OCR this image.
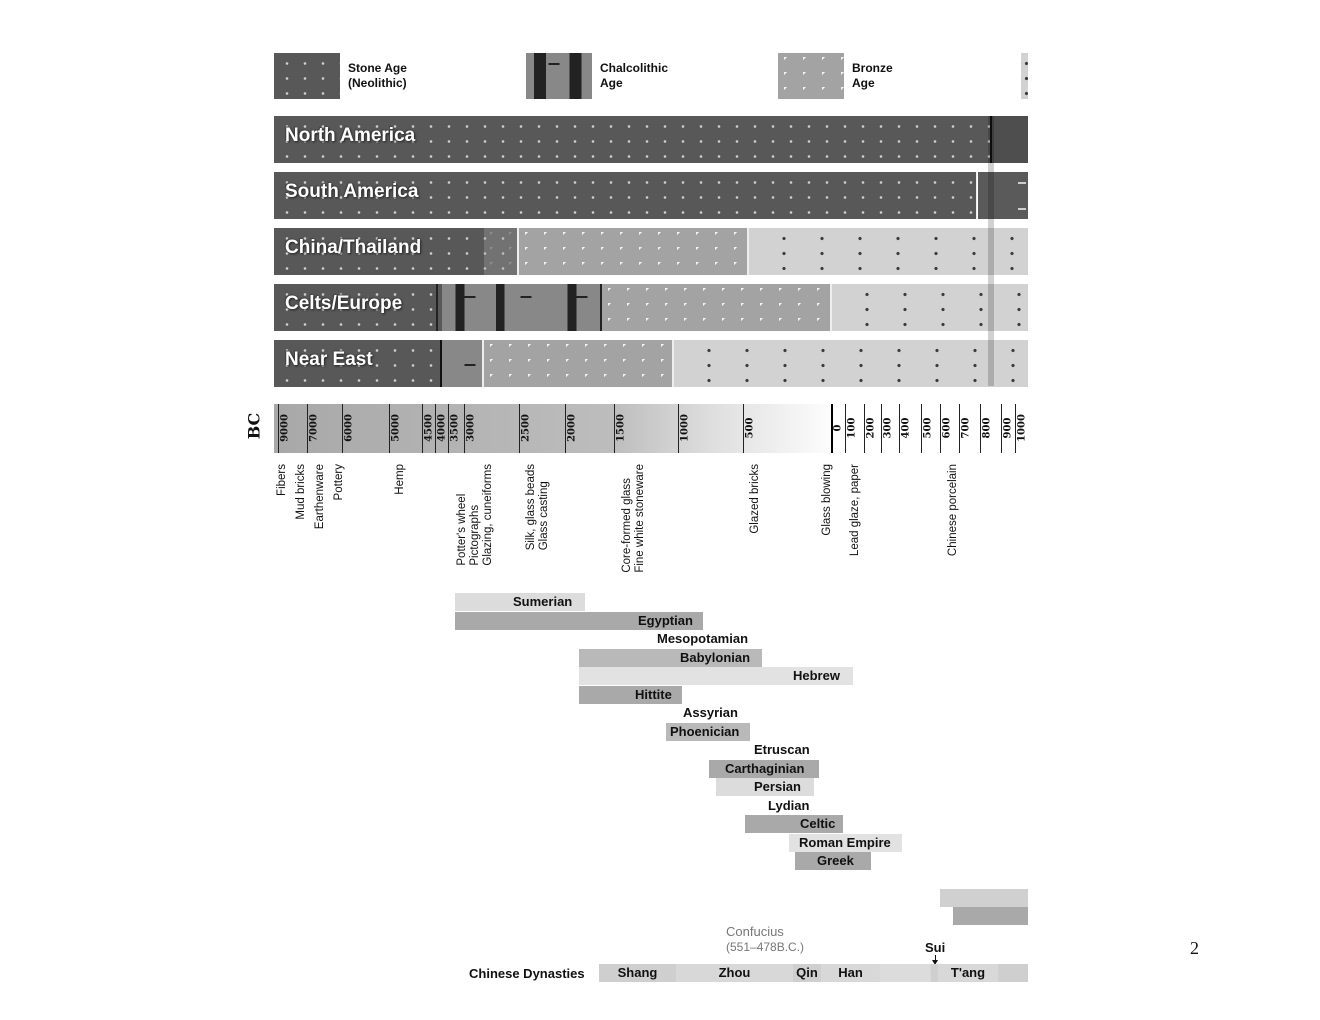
Stone Age
(Neolithic)
Chalcolithic
Age
Bronze
Age
North America
South America
China/Thailand
Celts/Europe
Near East
BC 9000 7000 6000	5000 4500 4000 3500 3000	2500	2000	1500	1000	500	0 100 200 300 400 500 600 700 800 900 1000
Fibers Mud bricks Earthenware Pottery	Hemp
Potter's wheel
Pictographs
Glazing, cuneiforms
Silk, glass beads
Glass casting
Core-formed glass
Fine white stoneware	Glazed bricks	Glass blowing Lead glaze, paper	Chinese porcelain
Sumerian
Egyptian
Mesopotamian
Babylonian
Hebrew
Hittite
Assyrian
Phoenician
Etruscan
Carthaginian
Persian
Lydian
Celtic
Roman Empire
Greek
Confucius
(551–478B.C.)	Sui
Chinese Dynasties	Shang	Zhou	Qin	Han	T'ang
2
